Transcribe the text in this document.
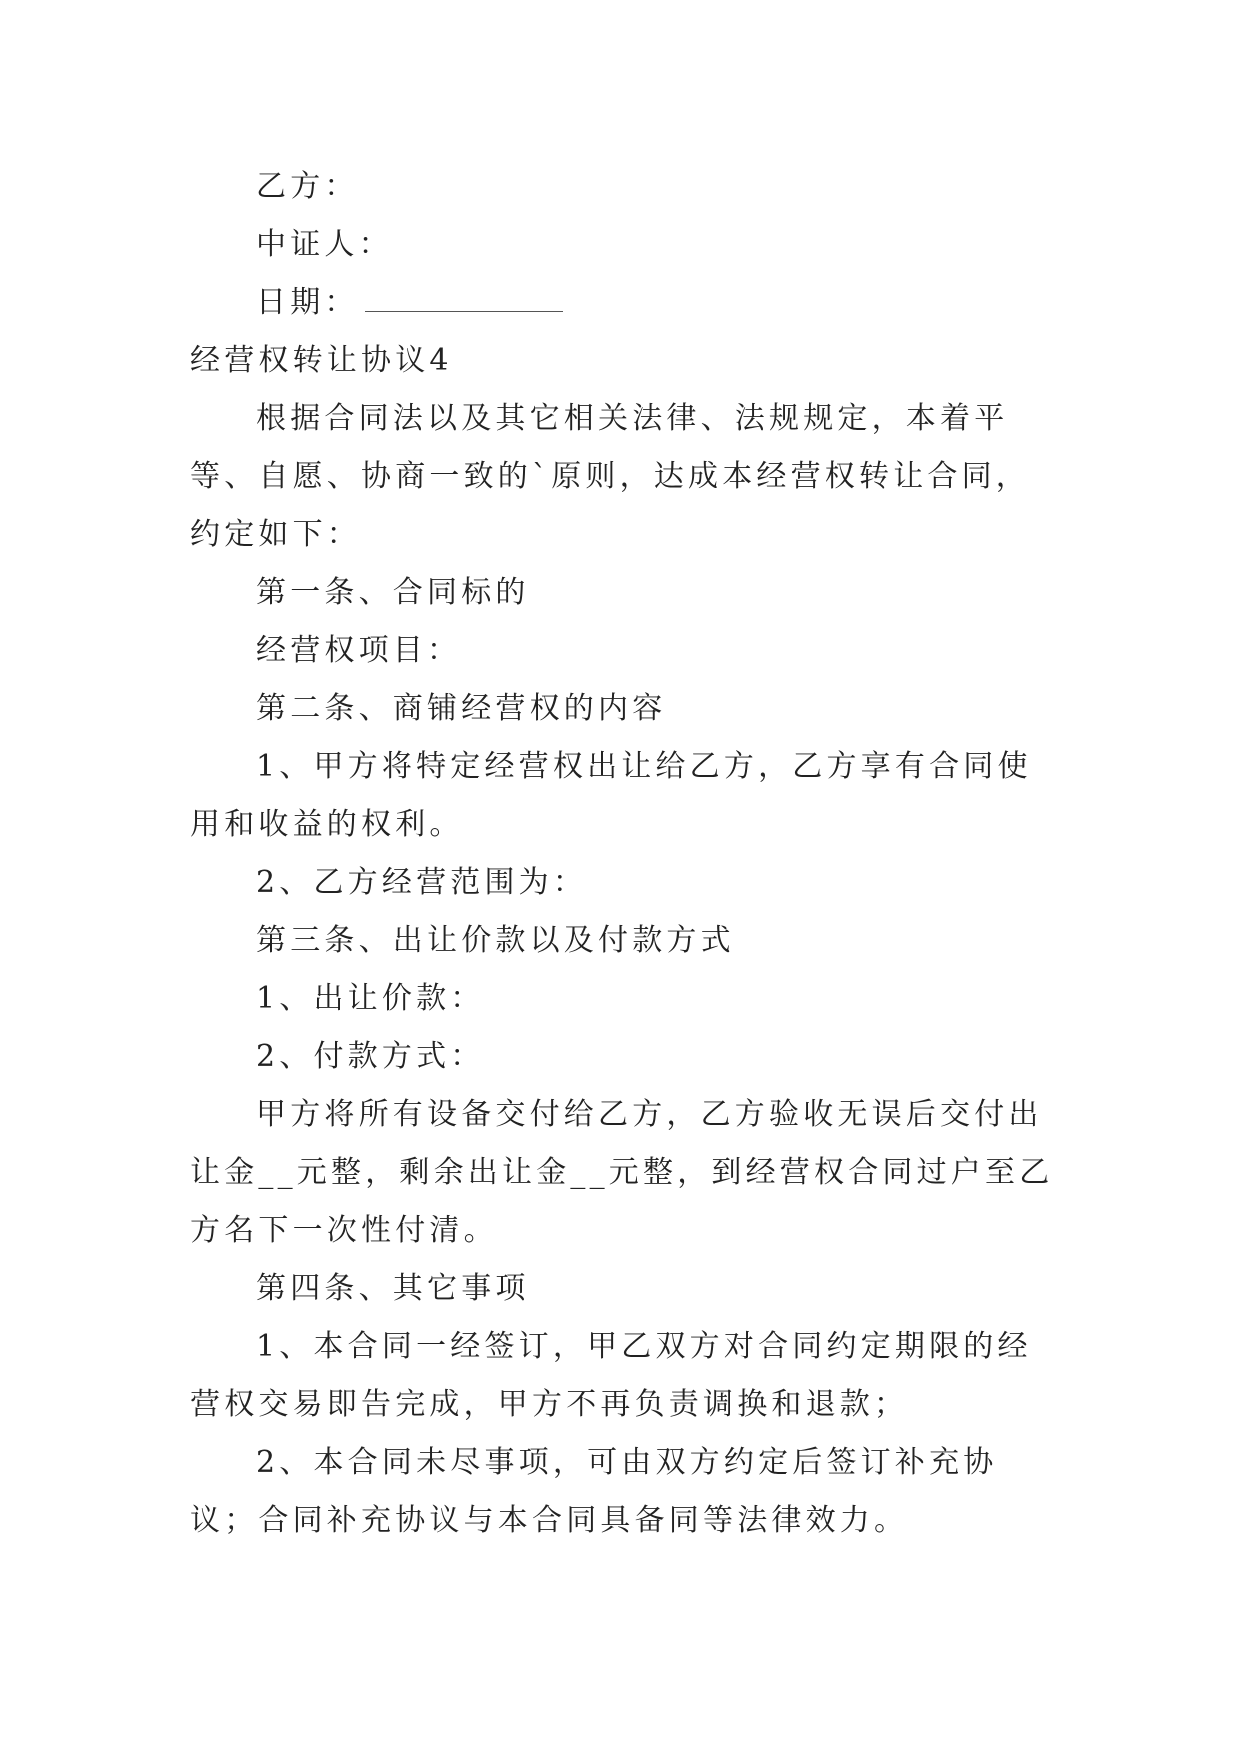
乙方：

中证人：

日期：

经营权转让协议4

根据合同法以及其它相关法律、法规规定，本着平等、自愿、协商一致的`原则，达成本经营权转让合同，约定如下：

第一条、合同标的

经营权项目：

第二条、商铺经营权的内容

1、甲方将特定经营权出让给乙方，乙方享有合同使用和收益的权利。

2、乙方经营范围为：

第三条、出让价款以及付款方式

1、出让价款：

2、付款方式：

甲方将所有设备交付给乙方，乙方验收无误后交付出让金__元整，剩余出让金__元整，到经营权合同过户至乙方名下一次性付清。

第四条、其它事项

1、本合同一经签订，甲乙双方对合同约定期限的经营权交易即告完成，甲方不再负责调换和退款；

2、本合同未尽事项，可由双方约定后签订补充协议；合同补充协议与本合同具备同等法律效力。
